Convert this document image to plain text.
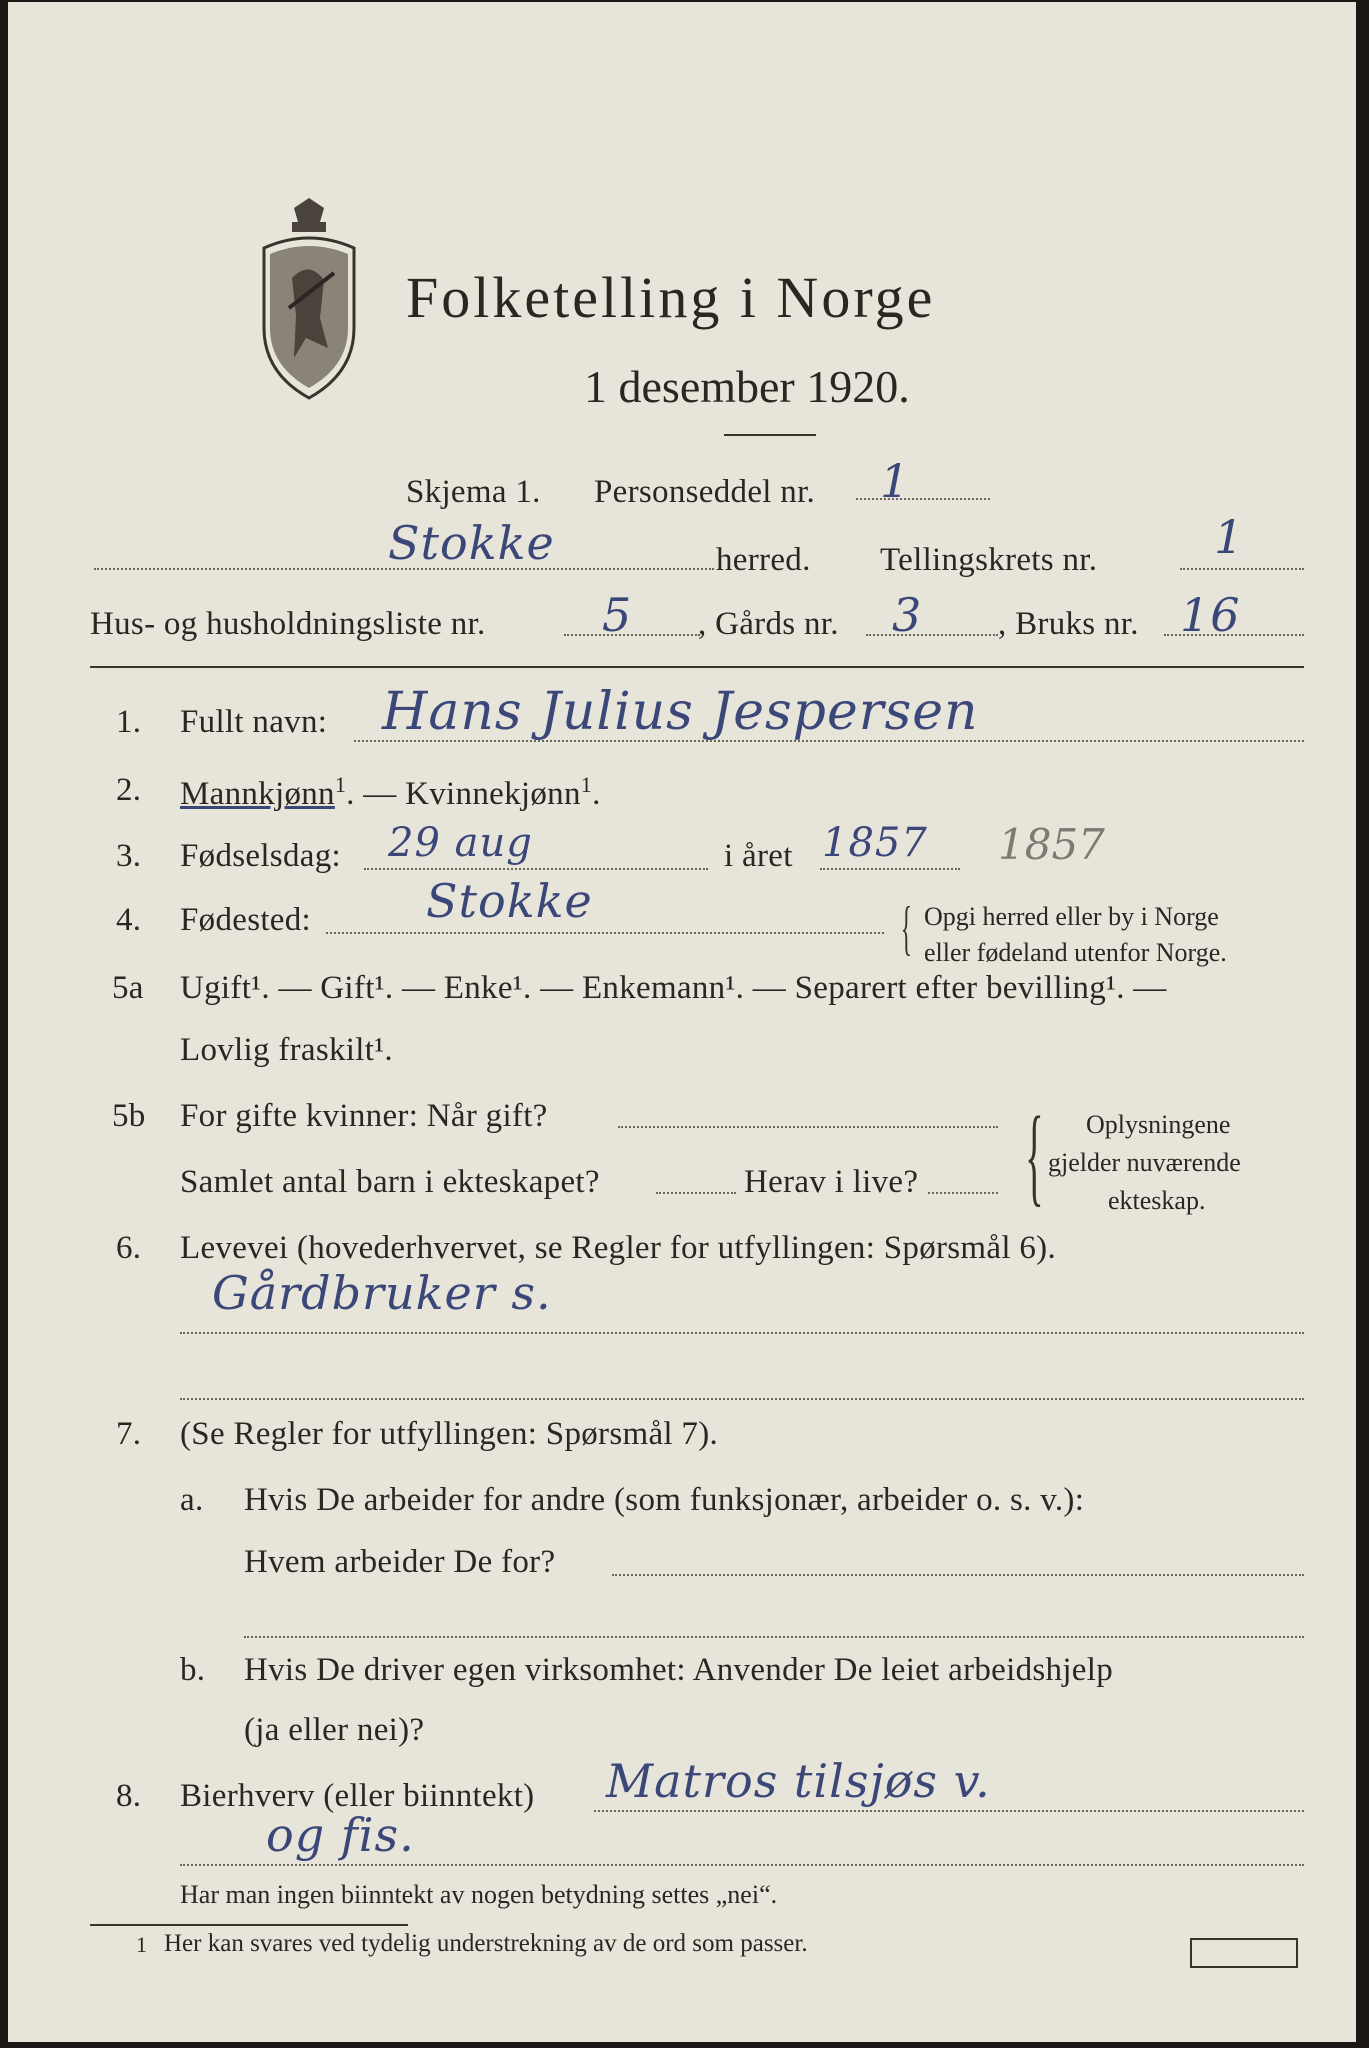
Folketelling i Norge
1 desember 1920.
Skjema 1. Personseddel nr. 1
Stokke	herred. Tellingskrets nr.	1
Hus- og husholdningsliste nr.	5 , Gårds nr. 3 , Bruks nr. 16
1. Fullt navn: Hans Julius Jespersen
2. Mannkjønn$^1$. — Kvinnekjønn$^1$.
3. Fødselsdag: 29 aug	i året 1857 1857
4. Fødested: Stokke	{ Opgi herred eller by i Norge
eller fødeland utenfor Norge.
5a Ugift¹. — Gift¹. — Enke¹. — Enkemann¹. — Separert efter bevilling¹. —
Lovlig fraskilt¹.
5b For gifte kvinner: Når gift?
Samlet antal barn i ekteskapet?	Herav i live? { Oplysningene
gjelder nuværende
ekteskap.
6. Levevei (hovederhvervet, se Regler for utfyllingen: Spørsmål 6).
Gårdbruker s.
7. (Se Regler for utfyllingen: Spørsmål 7).
a. Hvis De arbeider for andre (som funksjonær, arbeider o. s. v.):
Hvem arbeider De for?
b. Hvis De driver egen virksomhet: Anvender De leiet arbeidshjelp
(ja eller nei)?
8. Bierhverv (eller biinntekt) Matros tilsjøs v.
og fis.
Har man ingen biinntekt av nogen betydning settes „nei“.
1 Her kan svares ved tydelig understrekning av de ord som passer.
